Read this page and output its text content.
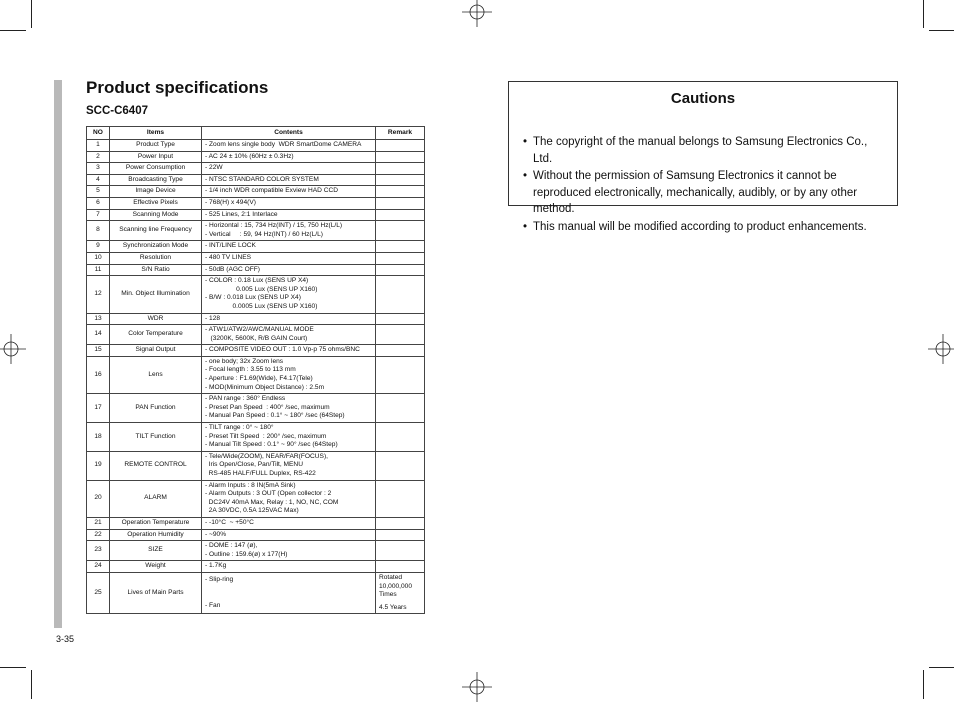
Product specifications
SCC-C6407
NO	Items	Contents	Remark
1	Product Type	- Zoom lens single body  WDR SmartDome CAMERA	
2	Power Input	- AC 24 ± 10% (60Hz ± 0.3Hz)	
3	Power Consumption	- 22W	
4	Broadcasting Type	- NTSC STANDARD COLOR SYSTEM	
5	Image Device	- 1/4 inch WDR compatible Exview HAD CCD	
6	Effective Pixels	- 768(H) x 494(V)	
7	Scanning Mode	- 525 Lines, 2:1 Interlace	
8	Scanning line Frequency	- Horizontal : 15, 734 Hz(INT) / 15, 750 Hz(L/L)
- Vertical     : 59, 94 Hz(INT) / 60 Hz(L/L)	
9	Synchronization Mode	- INT/LINE LOCK	
10	Resolution	- 480 TV LINES	
11	S/N Ratio	- 50dB (AGC OFF)	
12	Min. Object Illumination	- COLOR : 0.18 Lux (SENS UP X4)
0.005 Lux (SENS UP X160)
- B/W : 0.018 Lux (SENS UP X4)
0.0005 Lux (SENS UP X160)	
13	WDR	- 128	
14	Color Temperature	- ATW1/ATW2/AWC/MANUAL MODE
(3200K, 5600K, R/B GAIN Court)	
15	Signal Output	- COMPOSITE VIDEO OUT : 1.0 Vp-p 75 ohms/BNC	
16	Lens	- one body; 32x Zoom lens
- Focal length : 3.55 to 113 mm
- Aperture : F1.69(Wide), F4.17(Tele)
- MOD(Minimum Object Distance) : 2.5m	
17	PAN Function	- PAN range : 360° Endless
- Preset Pan Speed  : 400° /sec, maximum
- Manual Pan Speed : 0.1° ~ 180° /sec (64Step)	
18	TILT Function	- TILT range : 0° ~ 180°
- Preset Tilt Speed  : 200° /sec, maximum
- Manual Tilt Speed : 0.1° ~ 90° /sec (64Step)	
19	REMOTE CONTROL	- Tele/Wide(ZOOM), NEAR/FAR(FOCUS),
Iris Open/Close, Pan/Tilt, MENU
RS-485 HALF/FULL Duplex, RS-422	
20	ALARM	- Alarm Inputs : 8 IN(5mA Sink)
- Alarm Outputs : 3 OUT (Open collector : 2
DC24V 40mA Max, Relay : 1, NO, NC, COM
2A 30VDC, 0.5A 125VAC Max)	
21	Operation Temperature	- -10°C  ~ +50°C	
22	Operation Humidity	- ~90%	
23	SIZE	- DOME : 147 (ø),
- Outline : 159.6(ø) x 177(H)	
24	Weight	- 1.7Kg	
25	Lives of Main Parts	- Slip-ring

- Fan	Rotated
10,000,000
Times
4.5 Years
3-35
Cautions
• The copyright of the manual belongs to Samsung Electronics Co., Ltd.
• Without the permission of Samsung Electronics it cannot be reproduced electronically, mechanically, audibly, or by any other method.
• This manual will be modified according to product enhancements.
